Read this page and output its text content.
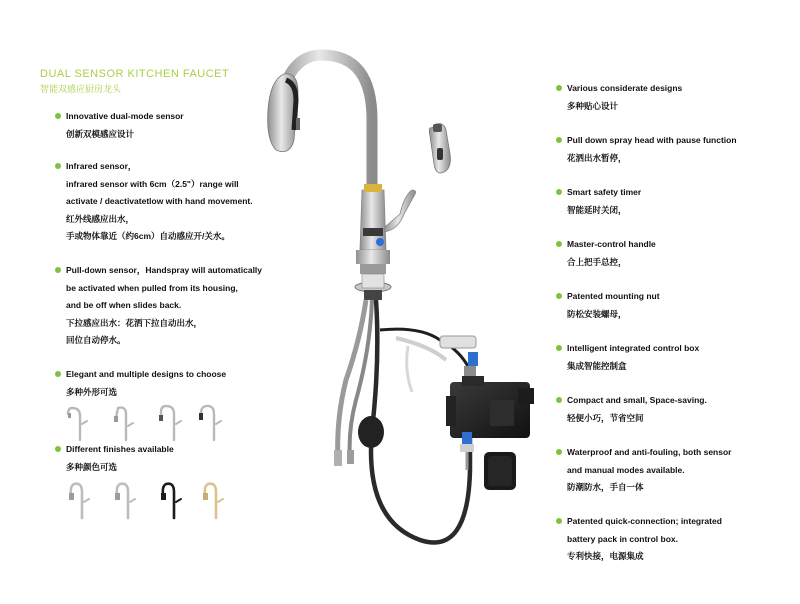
DUAL SENSOR KITCHEN FAUCET
智能双感应厨房龙头
Innovative dual-mode sensor
创新双模感应设计
Infrared sensor，
infrared sensor with 6cm（2.5"）range will
activate / deactivatetlow with hand movement.
红外线感应出水，
手或物体靠近（约6cm）自动感应开/关水。
Pull-down sensor，Handspray will automatically
be activated when pulled from its housing,
and be off when slides back.
下拉感应出水：花洒下拉自动出水，
回位自动停水。
Elegant and multiple designs to choose
多种外形可选
Different finishes available
多种颜色可选
Various considerate designs
多种贴心设计
Pull down spray head with pause function
花洒出水暂停，
Smart safety timer
智能延时关闭，
Master-control handle
合上把手总控，
Patented mounting nut
防松安装螺母，
Intelligent integrated control box
集成智能控制盒
Compact and small, Space-saving.
轻便小巧，节省空间
Waterproof and anti-fouling, both sensor
and manual modes available.
防潮防水，手自一体
Patented quick-connection; integrated
battery pack in control box.
专利快接，电源集成
